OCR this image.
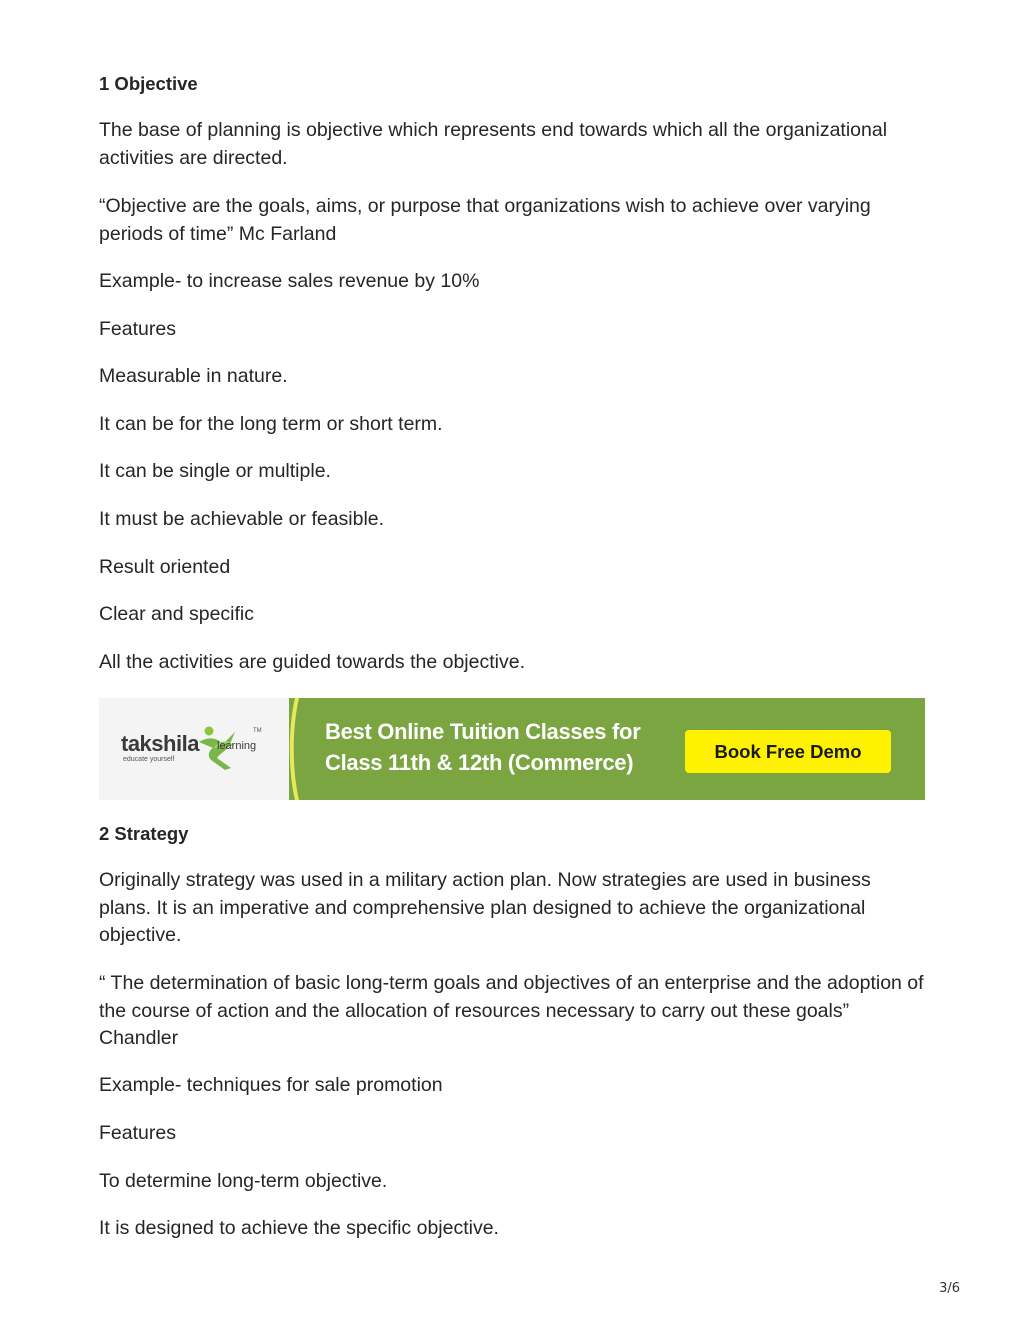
1 Objective

The base of planning is objective which represents end towards which all the organizational activities are directed.

“Objective are the goals, aims, or purpose that organizations wish to achieve over varying periods of time” Mc Farland

Example- to increase sales revenue by 10%

Features

Measurable in nature.

It can be for the long term or short term.

It can be single or multiple.

It must be achievable or feasible.

Result oriented

Clear and specific

All the activities are guided towards the objective.

takshila learning
educate yourself
TM	Best Online Tuition Classes for
Class 11th & 12th (Commerce)	Book Free Demo

2 Strategy

Originally strategy was used in a military action plan. Now strategies are used in business plans. It is an imperative and comprehensive plan designed to achieve the organizational objective.

“ The determination of basic long-term goals and objectives of an enterprise and the adoption of the course of action and the allocation of resources necessary to carry out these goals” Chandler

Example- techniques for sale promotion

Features

To determine long-term objective.

It is designed to achieve the specific objective.

3/6
